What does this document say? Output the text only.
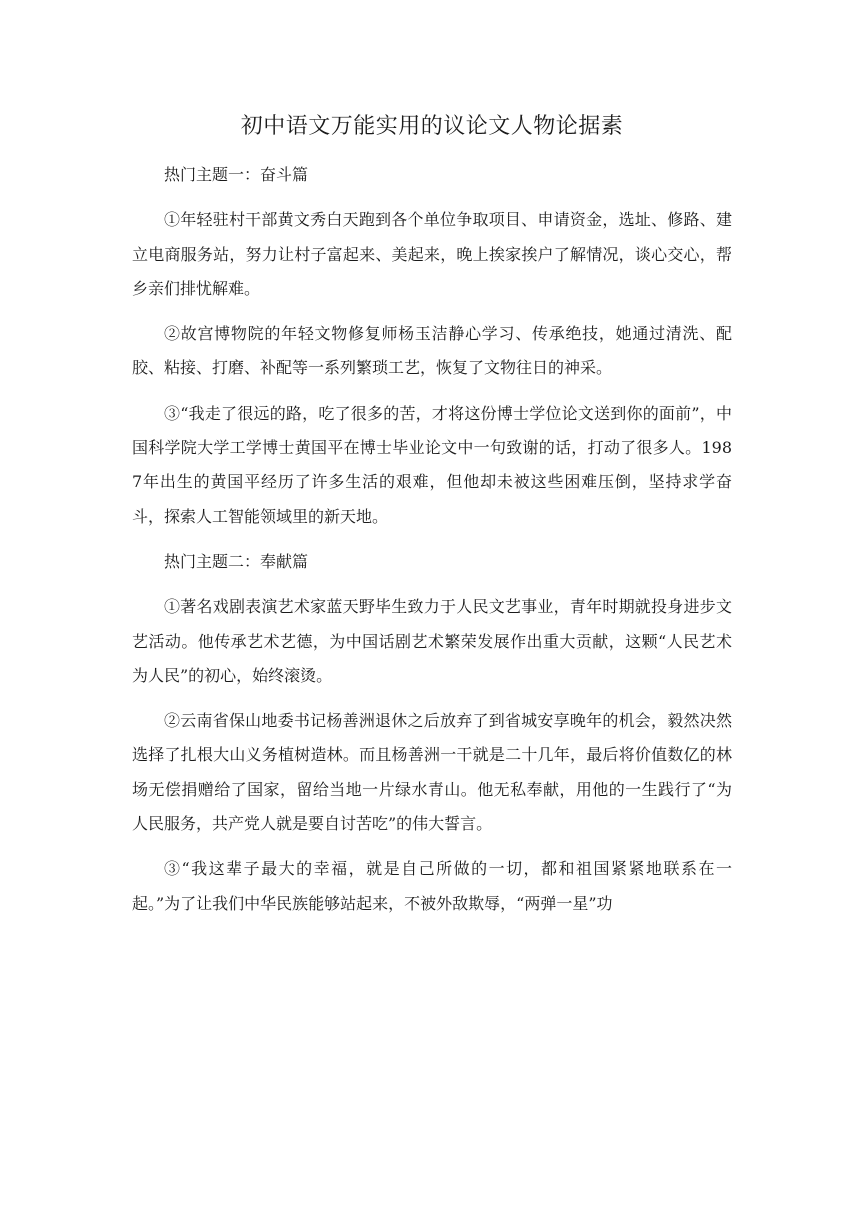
初中语文万能实用的议论文人物论据素

热门主题一：奋斗篇

①年轻驻村干部黄文秀白天跑到各个单位争取项目、申请资金，选址、修路、建立电商服务站，努力让村子富起来、美起来，晚上挨家挨户了解情况，谈心交心，帮乡亲们排忧解难。

②故宫博物院的年轻文物修复师杨玉洁静心学习、传承绝技，她通过清洗、配胶、粘接、打磨、补配等一系列繁琐工艺，恢复了文物往日的神采。

③“我走了很远的路，吃了很多的苦，才将这份博士学位论文送到你的面前”，中国科学院大学工学博士黄国平在博士毕业论文中一句致谢的话，打动了很多人。1987年出生的黄国平经历了许多生活的艰难，但他却未被这些困难压倒，坚持求学奋斗，探索人工智能领域里的新天地。

热门主题二：奉献篇

①著名戏剧表演艺术家蓝天野毕生致力于人民文艺事业，青年时期就投身进步文艺活动。他传承艺术艺德，为中国话剧艺术繁荣发展作出重大贡献，这颗“人民艺术为人民”的初心，始终滚烫。

②云南省保山地委书记杨善洲退休之后放弃了到省城安享晚年的机会，毅然决然选择了扎根大山义务植树造林。而且杨善洲一干就是二十几年，最后将价值数亿的林场无偿捐赠给了国家，留给当地一片绿水青山。他无私奉献，用他的一生践行了“为人民服务，共产党人就是要自讨苦吃”的伟大誓言。

③“我这辈子最大的幸福，就是自己所做的一切，都和祖国紧紧地联系在一起。”为了让我们中华民族能够站起来，不被外敌欺辱，“两弹一星”功
